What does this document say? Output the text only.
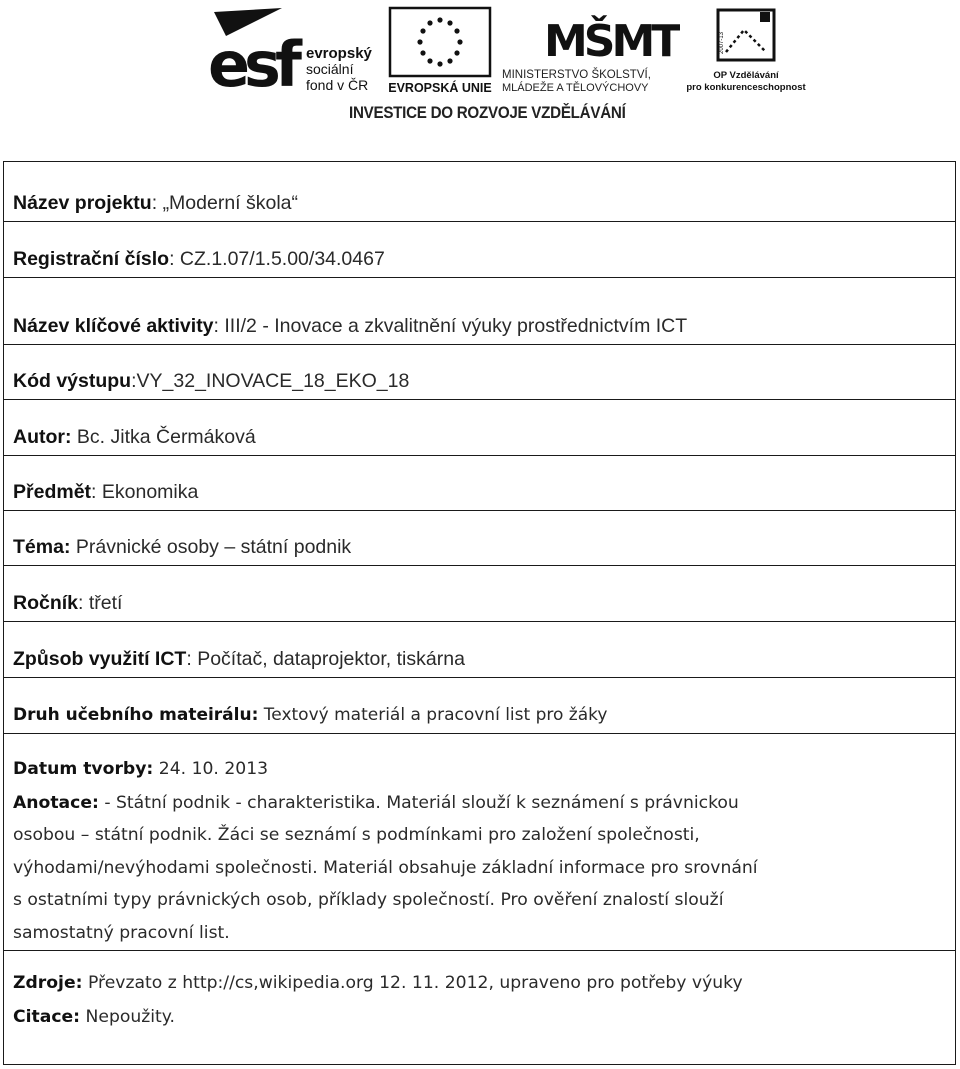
esf evropský
sociální
fond v ČR EVROPSKÁ UNIE
MŠMT
MINISTERSTVO ŠKOLSTVÍ,
MLÁDEŽE A TĚLOVÝCHOVY
2007-13
OP Vzdělávání
pro konkurenceschopnost
INVESTICE DO ROZVOJE VZDĚLÁVÁNÍ
Název projektu: „Moderní škola“
Registrační číslo: CZ.1.07/1.5.00/34.0467
Název klíčové aktivity: III/2 - Inovace a zkvalitnění výuky prostřednictvím ICT
Kód výstupu:VY_32_INOVACE_18_EKO_18
Autor: Bc. Jitka Čermáková
Předmět: Ekonomika
Téma: Právnické osoby – státní podnik
Ročník: třetí
Způsob využití ICT: Počítač, dataprojektor, tiskárna
Druh učebního mateirálu: Textový materiál a pracovní list pro žáky
Datum tvorby: 24. 10. 2013
Anotace: - Státní podnik - charakteristika. Materiál slouží k seznámení s právnickou
osobou – státní podnik. Žáci se seznámí s podmínkami pro založení společnosti,
výhodami/nevýhodami společnosti. Materiál obsahuje základní informace pro srovnání
s ostatními typy právnických osob, příklady společností. Pro ověření znalostí slouží
samostatný pracovní list.
Zdroje: Převzato z http://cs,wikipedia.org 12. 11. 2012, upraveno pro potřeby výuky
Citace: Nepoužity.
